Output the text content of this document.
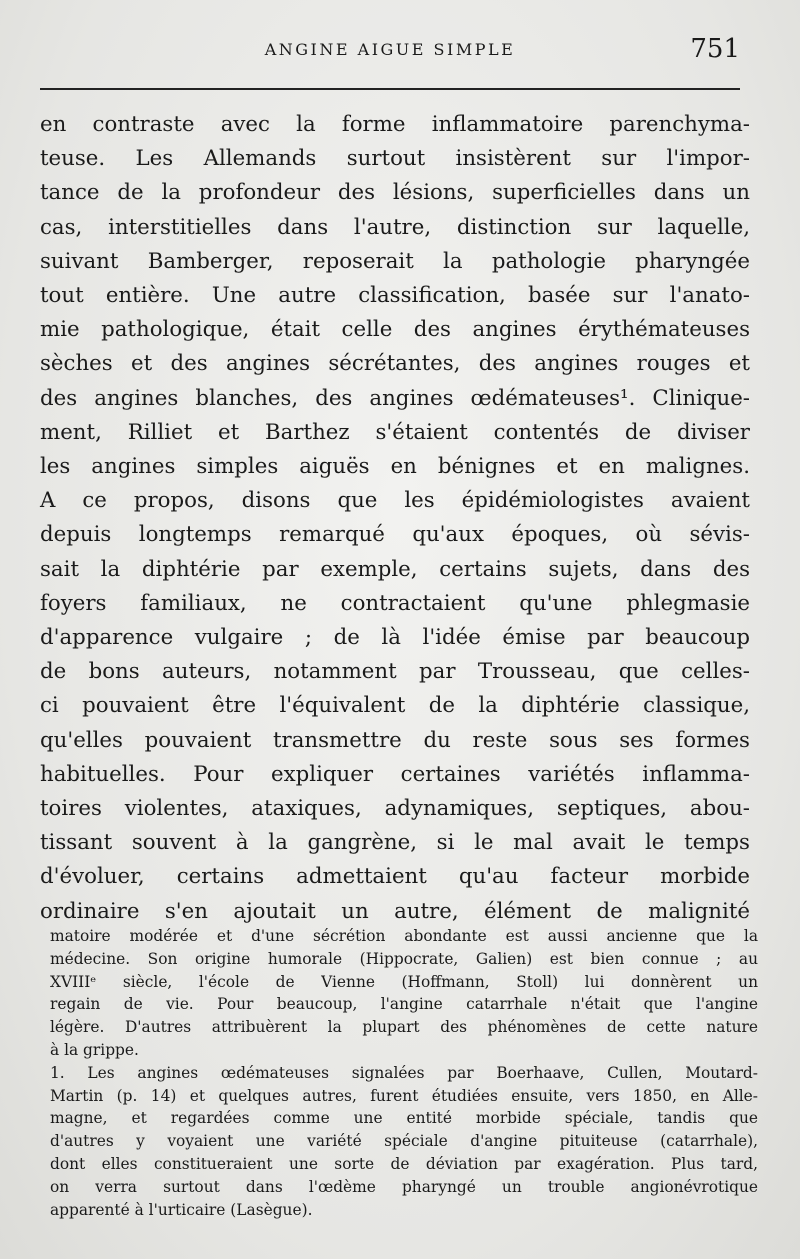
ANGINE AIGUE SIMPLE	751
en contraste avec la forme inflammatoire parenchyma-
teuse. Les Allemands surtout insistèrent sur l'impor-
tance de la profondeur des lésions, superficielles dans un
cas, interstitielles dans l'autre, distinction sur laquelle,
suivant Bamberger, reposerait la pathologie pharyngée
tout entière. Une autre classification, basée sur l'anato-
mie pathologique, était celle des angines érythémateuses
sèches et des angines sécrétantes, des angines rouges et
des angines blanches, des angines œdémateuses¹. Clinique-
ment, Rilliet et Barthez s'étaient contentés de diviser
les angines simples aiguës en bénignes et en malignes.
A ce propos, disons que les épidémiologistes avaient
depuis longtemps remarqué qu'aux époques, où sévis-
sait la diphtérie par exemple, certains sujets, dans des
foyers familiaux, ne contractaient qu'une phlegmasie
d'apparence vulgaire ; de là l'idée émise par beaucoup
de bons auteurs, notamment par Trousseau, que celles-
ci pouvaient être l'équivalent de la diphtérie classique,
qu'elles pouvaient transmettre du reste sous ses formes
habituelles. Pour expliquer certaines variétés inflamma-
toires violentes, ataxiques, adynamiques, septiques, abou-
tissant souvent à la gangrène, si le mal avait le temps
d'évoluer, certains admettaient qu'au facteur morbide
ordinaire s'en ajoutait un autre, élément de malignité
matoire modérée et d'une sécrétion abondante est aussi ancienne que la
médecine. Son origine humorale (Hippocrate, Galien) est bien connue ; au
XVIIIᵉ siècle, l'école de Vienne (Hoffmann, Stoll) lui donnèrent un
regain de vie. Pour beaucoup, l'angine catarrhale n'était que l'angine
légère. D'autres attribuèrent la plupart des phénomènes de cette nature
à la grippe.
1. Les angines œdémateuses signalées par Boerhaave, Cullen, Moutard-
Martin (p. 14) et quelques autres, furent étudiées ensuite, vers 1850, en Alle-
magne, et regardées comme une entité morbide spéciale, tandis que
d'autres y voyaient une variété spéciale d'angine pituiteuse (catarrhale),
dont elles constitueraient une sorte de déviation par exagération. Plus tard,
on verra surtout dans l'œdème pharyngé un trouble angionévrotique
apparenté à l'urticaire (Lasègue).
